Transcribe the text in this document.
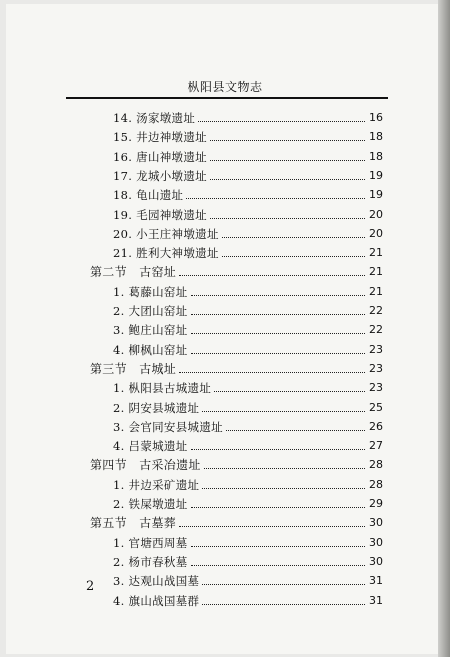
枞阳县文物志
14. 汤家墩遗址	16
15. 井边神墩遗址	18
16. 唐山神墩遗址	18
17. 龙城小墩遗址	19
18. 龟山遗址	19
19. 毛园神墩遗址	20
20. 小王庄神墩遗址	20
21. 胜利大神墩遗址	21
第二节　古窑址	21
1. 葛藤山窑址	21
2. 大团山窑址	22
3. 鲍庄山窑址	22
4. 柳枫山窑址	23
第三节　古城址	23
1. 枞阳县古城遗址	23
2. 阴安县城遗址	25
3. 会官同安县城遗址	26
4. 吕蒙城遗址	27
第四节　古采冶遗址	28
1. 井边采矿遗址	28
2. 铁屎墩遗址	29
第五节　古墓葬	30
1. 官塘西周墓	30
2. 杨市春秋墓	30
3. 达观山战国墓	31
4. 旗山战国墓群	31
2
